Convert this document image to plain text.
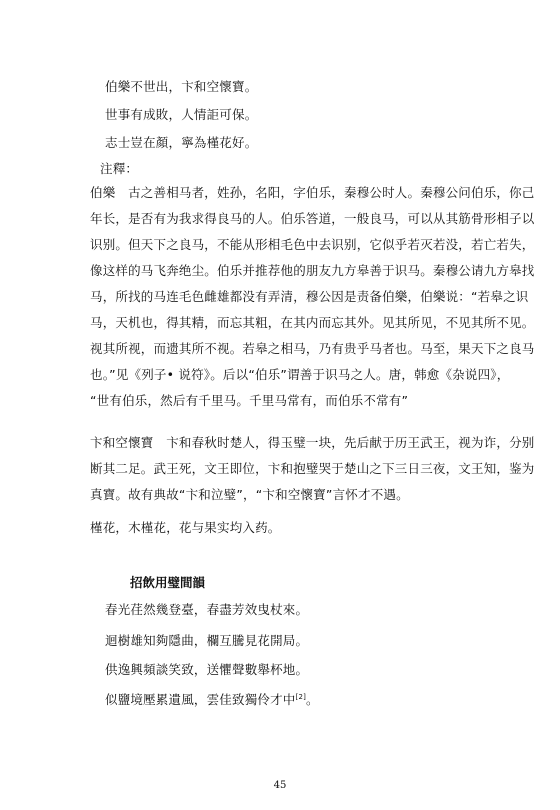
伯樂不世出，卞和空懷寶。
世事有成敗，人情詎可保。
志士豈在顏，寧為槿花好。
注釋：
伯樂　古之善相马者，姓孙，名阳，字伯乐，秦穆公时人。秦穆公问伯乐，你己
年长，是否有为我求得良马的人。伯乐答道，一般良马，可以从其筋骨形相子以
识别。但天下之良马，不能从形相毛色中去识别，它似乎若灭若没，若亡若失，
像这样的马飞奔绝尘。伯乐并推荐他的朋友九方皋善于识马。秦穆公请九方皋找
马，所找的马连毛色雌雄都没有弄清，穆公因是责备伯樂，伯樂说：“若皋之识
马，天机也，得其精，而忘其粗，在其内而忘其外。见其所见，不见其所不见。
视其所视，而遗其所不视。若皋之相马，乃有贵乎马者也。马至，果天下之良马
也。”见《列子• 说符》。后以“伯乐”谓善于识马之人。唐，韩愈《杂说四》，
“世有伯乐，然后有千里马。千里马常有，而伯乐不常有”
卞和空懷寶　卞和春秋时楚人，得玉璧一块，先后献于历王武王，视为诈，分别
断其二足。武王死，文王即位，卞和抱璧哭于楚山之下三日三夜，文王知，鉴为
真寶。故有典故“卞和泣璧”，“卞和空懷寶”言怀才不遇。
槿花，木槿花，花与果实均入药。
招飲用璧間韻
春光荏然幾登臺，春盡芳效曳杖來。
迴樹雄知夠隱曲，欄互騰見花開局。
供逸興頻談笑致，送懼聲數舉杯地。
似鹽境壓累遺風，雲佳致獨伶才中[2]。
45
